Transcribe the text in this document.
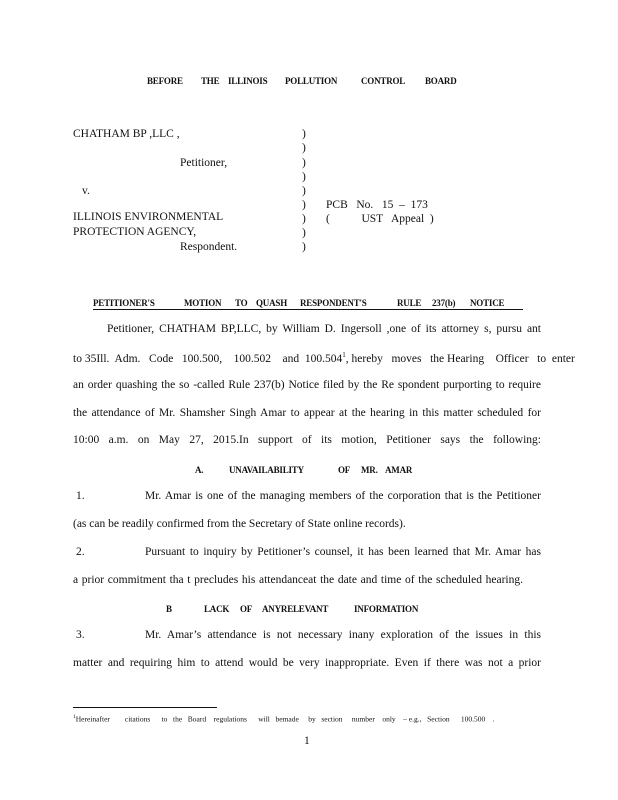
BEFORE THE ILLINOIS POLLUTION	CONTROL BOARD
CHATHAM BP ,LLC ,
Petitioner,
v.
ILLINOIS ENVIRONMENTAL
PROTECTION AGENCY,
Respondent.
)
)
)
)
)
)
)
)
)
PCB   No.   15  –  173
(           UST   Appeal  )
PETITIONER'S	MOTION TO QUASH RESPONDENT'S	RULE 237(b) NOTICE
Petitioner, CHATHAM BP,LLC, by William D. Ingersoll ,one of its attorney s, pursu ant
to 35Ill.  Adm.   Code   100.500,    100.502    and  100.504$^1$, hereby   moves   the Hearing    Officer   to  enter
an order quashing the so -called Rule 237(b) Notice filed by the Re spondent purporting to require
the attendance of Mr. Shamsher Singh Amar to appear at the hearing in this matter scheduled for
10:00 a.m. on May 27, 2015.In support of its motion, Petitioner says the following:
A.	UNAVAILABILITY	OF MR. AMAR
1.	Mr. Amar is one of the managing members of the corporation that is the Petitioner
(as can be readily confirmed from the Secretary of State online records).
2.	Pursuant to inquiry by Petitioner’s counsel, it has been learned that Mr. Amar has
a prior commitment tha t precludes his attendanceat the date and time of the scheduled hearing.
B	LACK OF ANYRELEVANT	INFORMATION
3.	Mr. Amar’s attendance is not necessary inany exploration of the issues in this
matter and requiring him to attend would be very inappropriate. Even if there was not a prior
$^1$Hereinafter        citations      to   the   Board    regulations      will   bemade     by   section     number    only    – e.g.,   Section      100.500    .
1
